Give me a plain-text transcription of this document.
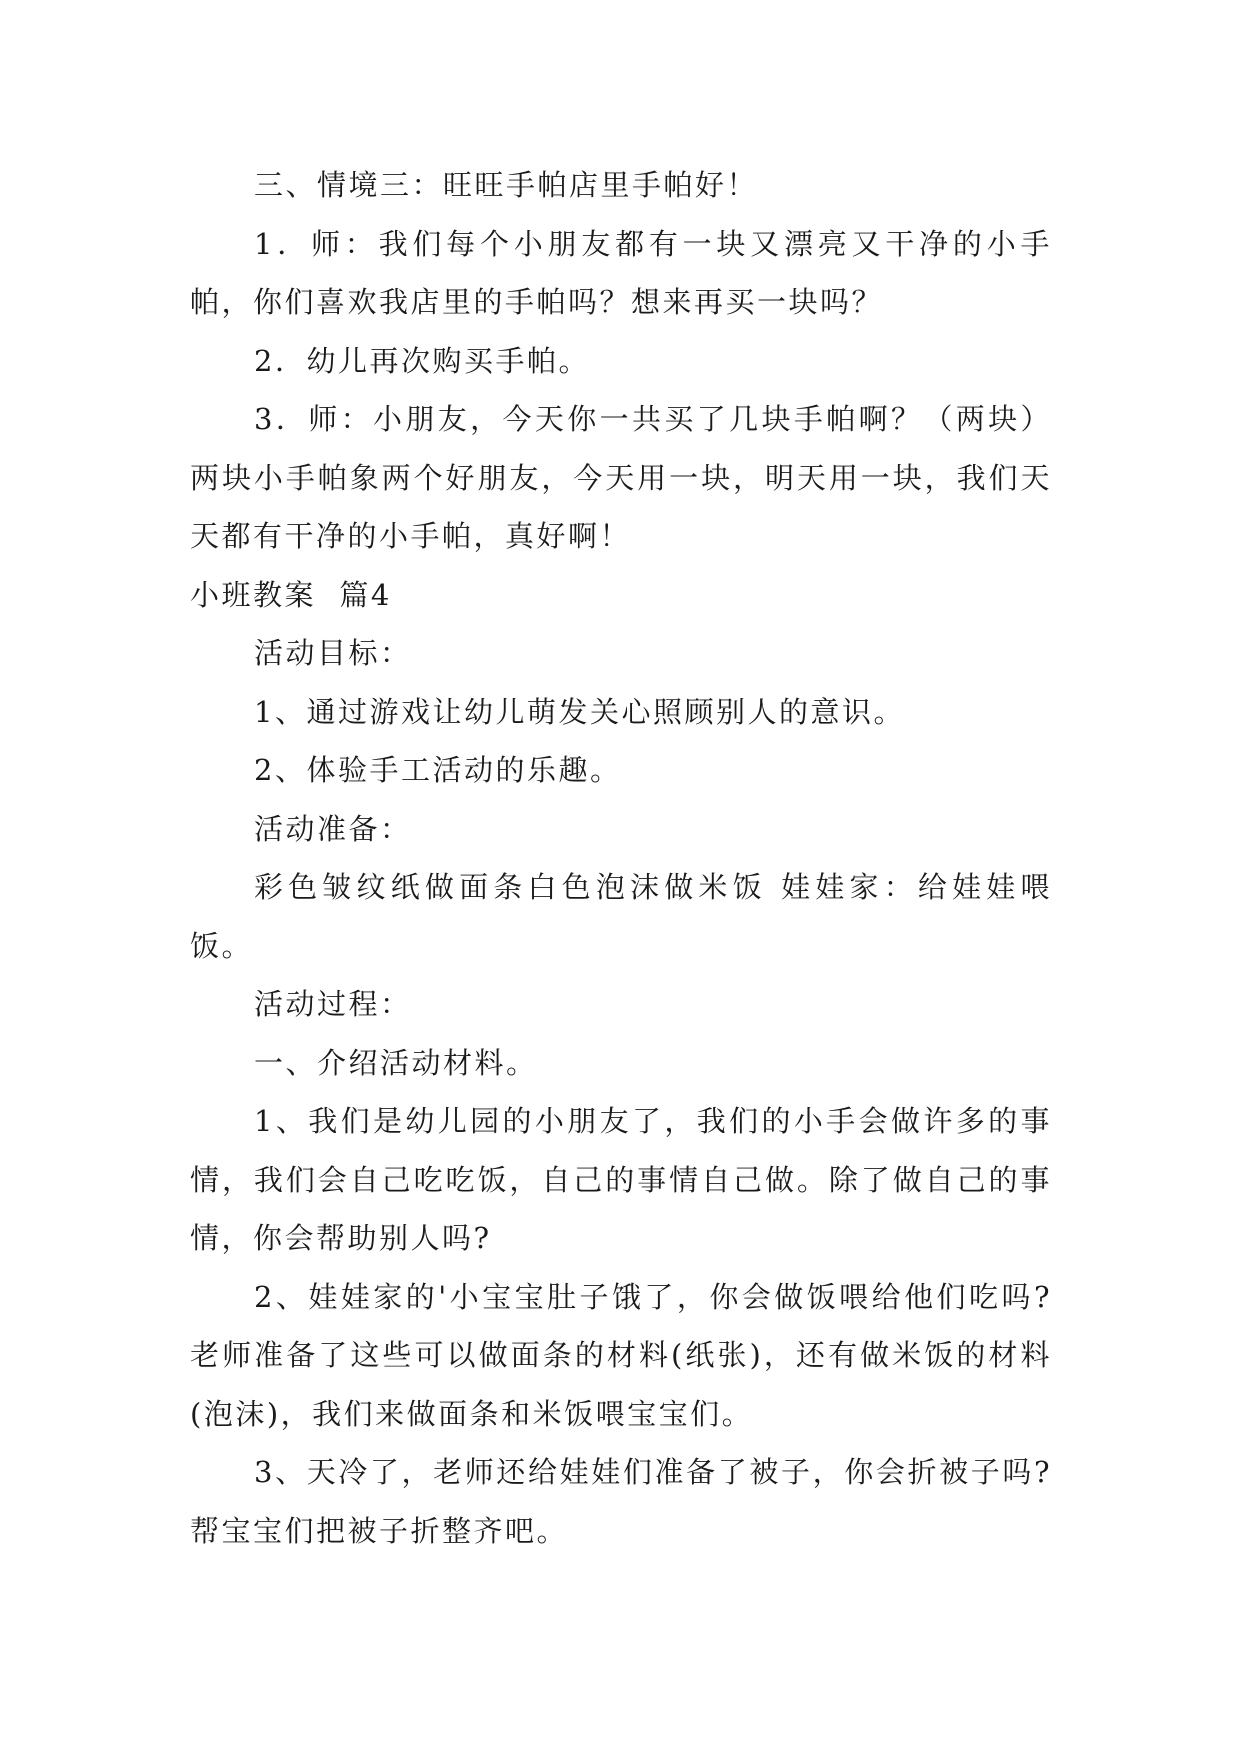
三、情境三：旺旺手帕店里手帕好！

1．师：我们每个小朋友都有一块又漂亮又干净的小手帕，你们喜欢我店里的手帕吗？想来再买一块吗？

2．幼儿再次购买手帕。

3．师：小朋友，今天你一共买了几块手帕啊？（两块）两块小手帕象两个好朋友，今天用一块，明天用一块，我们天天都有干净的小手帕，真好啊！

小班教案  篇4

活动目标：

1、通过游戏让幼儿萌发关心照顾别人的意识。

2、体验手工活动的乐趣。

活动准备：

彩色皱纹纸做面条白色泡沫做米饭 娃娃家：给娃娃喂饭。

活动过程：

一、介绍活动材料。

1、我们是幼儿园的小朋友了，我们的小手会做许多的事情，我们会自己吃吃饭，自己的事情自己做。除了做自己的事情，你会帮助别人吗?

2、娃娃家的'小宝宝肚子饿了，你会做饭喂给他们吃吗?老师准备了这些可以做面条的材料(纸张)，还有做米饭的材料(泡沫)，我们来做面条和米饭喂宝宝们。

3、天冷了，老师还给娃娃们准备了被子，你会折被子吗?帮宝宝们把被子折整齐吧。
